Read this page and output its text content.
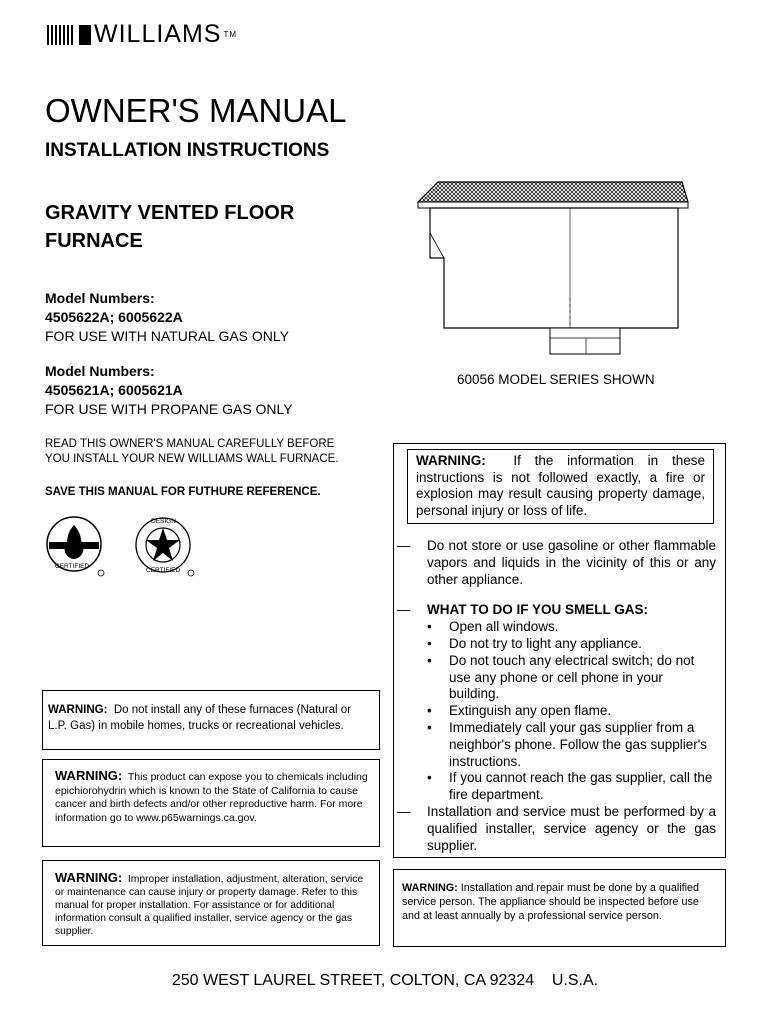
WILLIAMS TM
OWNER'S MANUAL
INSTALLATION INSTRUCTIONS
GRAVITY VENTED FLOOR
FURNACE
Model Numbers:
4505622A; 6005622A
FOR USE WITH NATURAL GAS ONLY
Model Numbers:
4505621A; 6005621A
FOR USE WITH PROPANE GAS ONLY
60056 MODEL SERIES SHOWN
READ THIS OWNER'S MANUAL CAREFULLY BEFORE
YOU INSTALL YOUR NEW WILLIAMS WALL FURNACE.
SAVE THIS MANUAL FOR FUTHURE REFERENCE.
CERTIFIED
DESIGN
CERTIFIED
WARNING: Do not install any of these furnaces (Natural or L.P. Gas) in mobile homes, trucks or recreational vehicles.
WARNING: This product can expose you to chemicals including epichiorohydrin which is known to the State of California to cause cancer and birth defects and/or other reproductive harm. For more information go to www.p65warnings.ca.gov.
WARNING: Improper installation, adjustment, alteration, service or maintenance can cause injury or property damage. Refer to this manual for proper installation. For assistance or for additional information consult a qualified installer, service agency or the gas supplier.
WARNING: If the information in these instructions is not followed exactly, a fire or explosion may result causing property damage, personal injury or loss of life.
—	Do not store or use gasoline or other flammable vapors and liquids in the vicinity of this or any other appliance.
—	WHAT TO DO IF YOU SMELL GAS:
• Open all windows.
• Do not try to light any appliance.
• Do not touch any electrical switch; do not use any phone or cell phone in your building.
• Extinguish any open flame.
• Immediately call your gas supplier from a neighbor's phone. Follow the gas supplier's instructions.
• If you cannot reach the gas supplier, call the fire department.
—	Installation and service must be performed by a qualified installer, service agency or the gas supplier.
WARNING: Installation and repair must be done by a qualified service person. The appliance should be inspected before use and at least annually by a professional service person.
250 WEST LAUREL STREET, COLTON, CA 92324    U.S.A.
